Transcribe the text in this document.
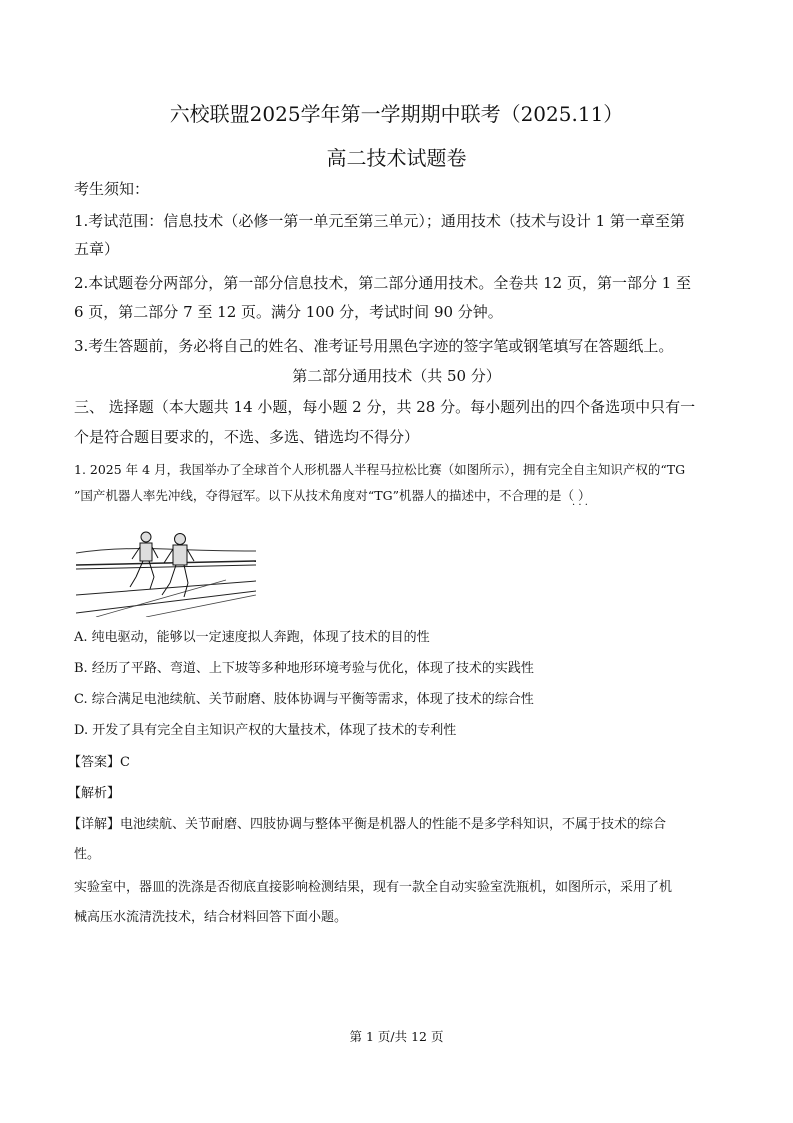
六校联盟2025学年第一学期期中联考（2025.11）
高二技术试题卷
考生须知：
1.考试范围：信息技术（必修一第一单元至第三单元）；通用技术（技术与设计 1 第一章至第
五章）
2.本试题卷分两部分，第一部分信息技术，第二部分通用技术。全卷共 12 页，第一部分 1 至
6 页，第二部分 7 至 12 页。满分 100 分，考试时间 90 分钟。
3.考生答题前，务必将自己的姓名、准考证号用黑色字迹的签字笔或钢笔填写在答题纸上。
第二部分通用技术（共 50 分）
三、 选择题（本大题共 14 小题，每小题 2 分，共 28 分。每小题列出的四个备选项中只有一
个是符合题目要求的，不选、多选、错选均不得分）
1. 2025 年 4 月，我国举办了全球首个人形机器人半程马拉松比赛（如图所示），拥有完全自主知识产权的“TG
”国产机器人率先冲线，夺得冠军。以下从技术角度对“TG”机器人的描述中，不合理的是（ ）
· · ·
A. 纯电驱动，能够以一定速度拟人奔跑，体现了技术的目的性
B. 经历了平路、弯道、上下坡等多种地形环境考验与优化，体现了技术的实践性
C. 综合满足电池续航、关节耐磨、肢体协调与平衡等需求，体现了技术的综合性
D. 开发了具有完全自主知识产权的大量技术，体现了技术的专利性
【答案】C
【解析】
【详解】电池续航、关节耐磨、四肢协调与整体平衡是机器人的性能不是多学科知识，不属于技术的综合
性。
实验室中，器皿的洗涤是否彻底直接影响检测结果，现有一款全自动实验室洗瓶机，如图所示，采用了机
械高压水流清洗技术，结合材料回答下面小题。
第 1 页/共 12 页
